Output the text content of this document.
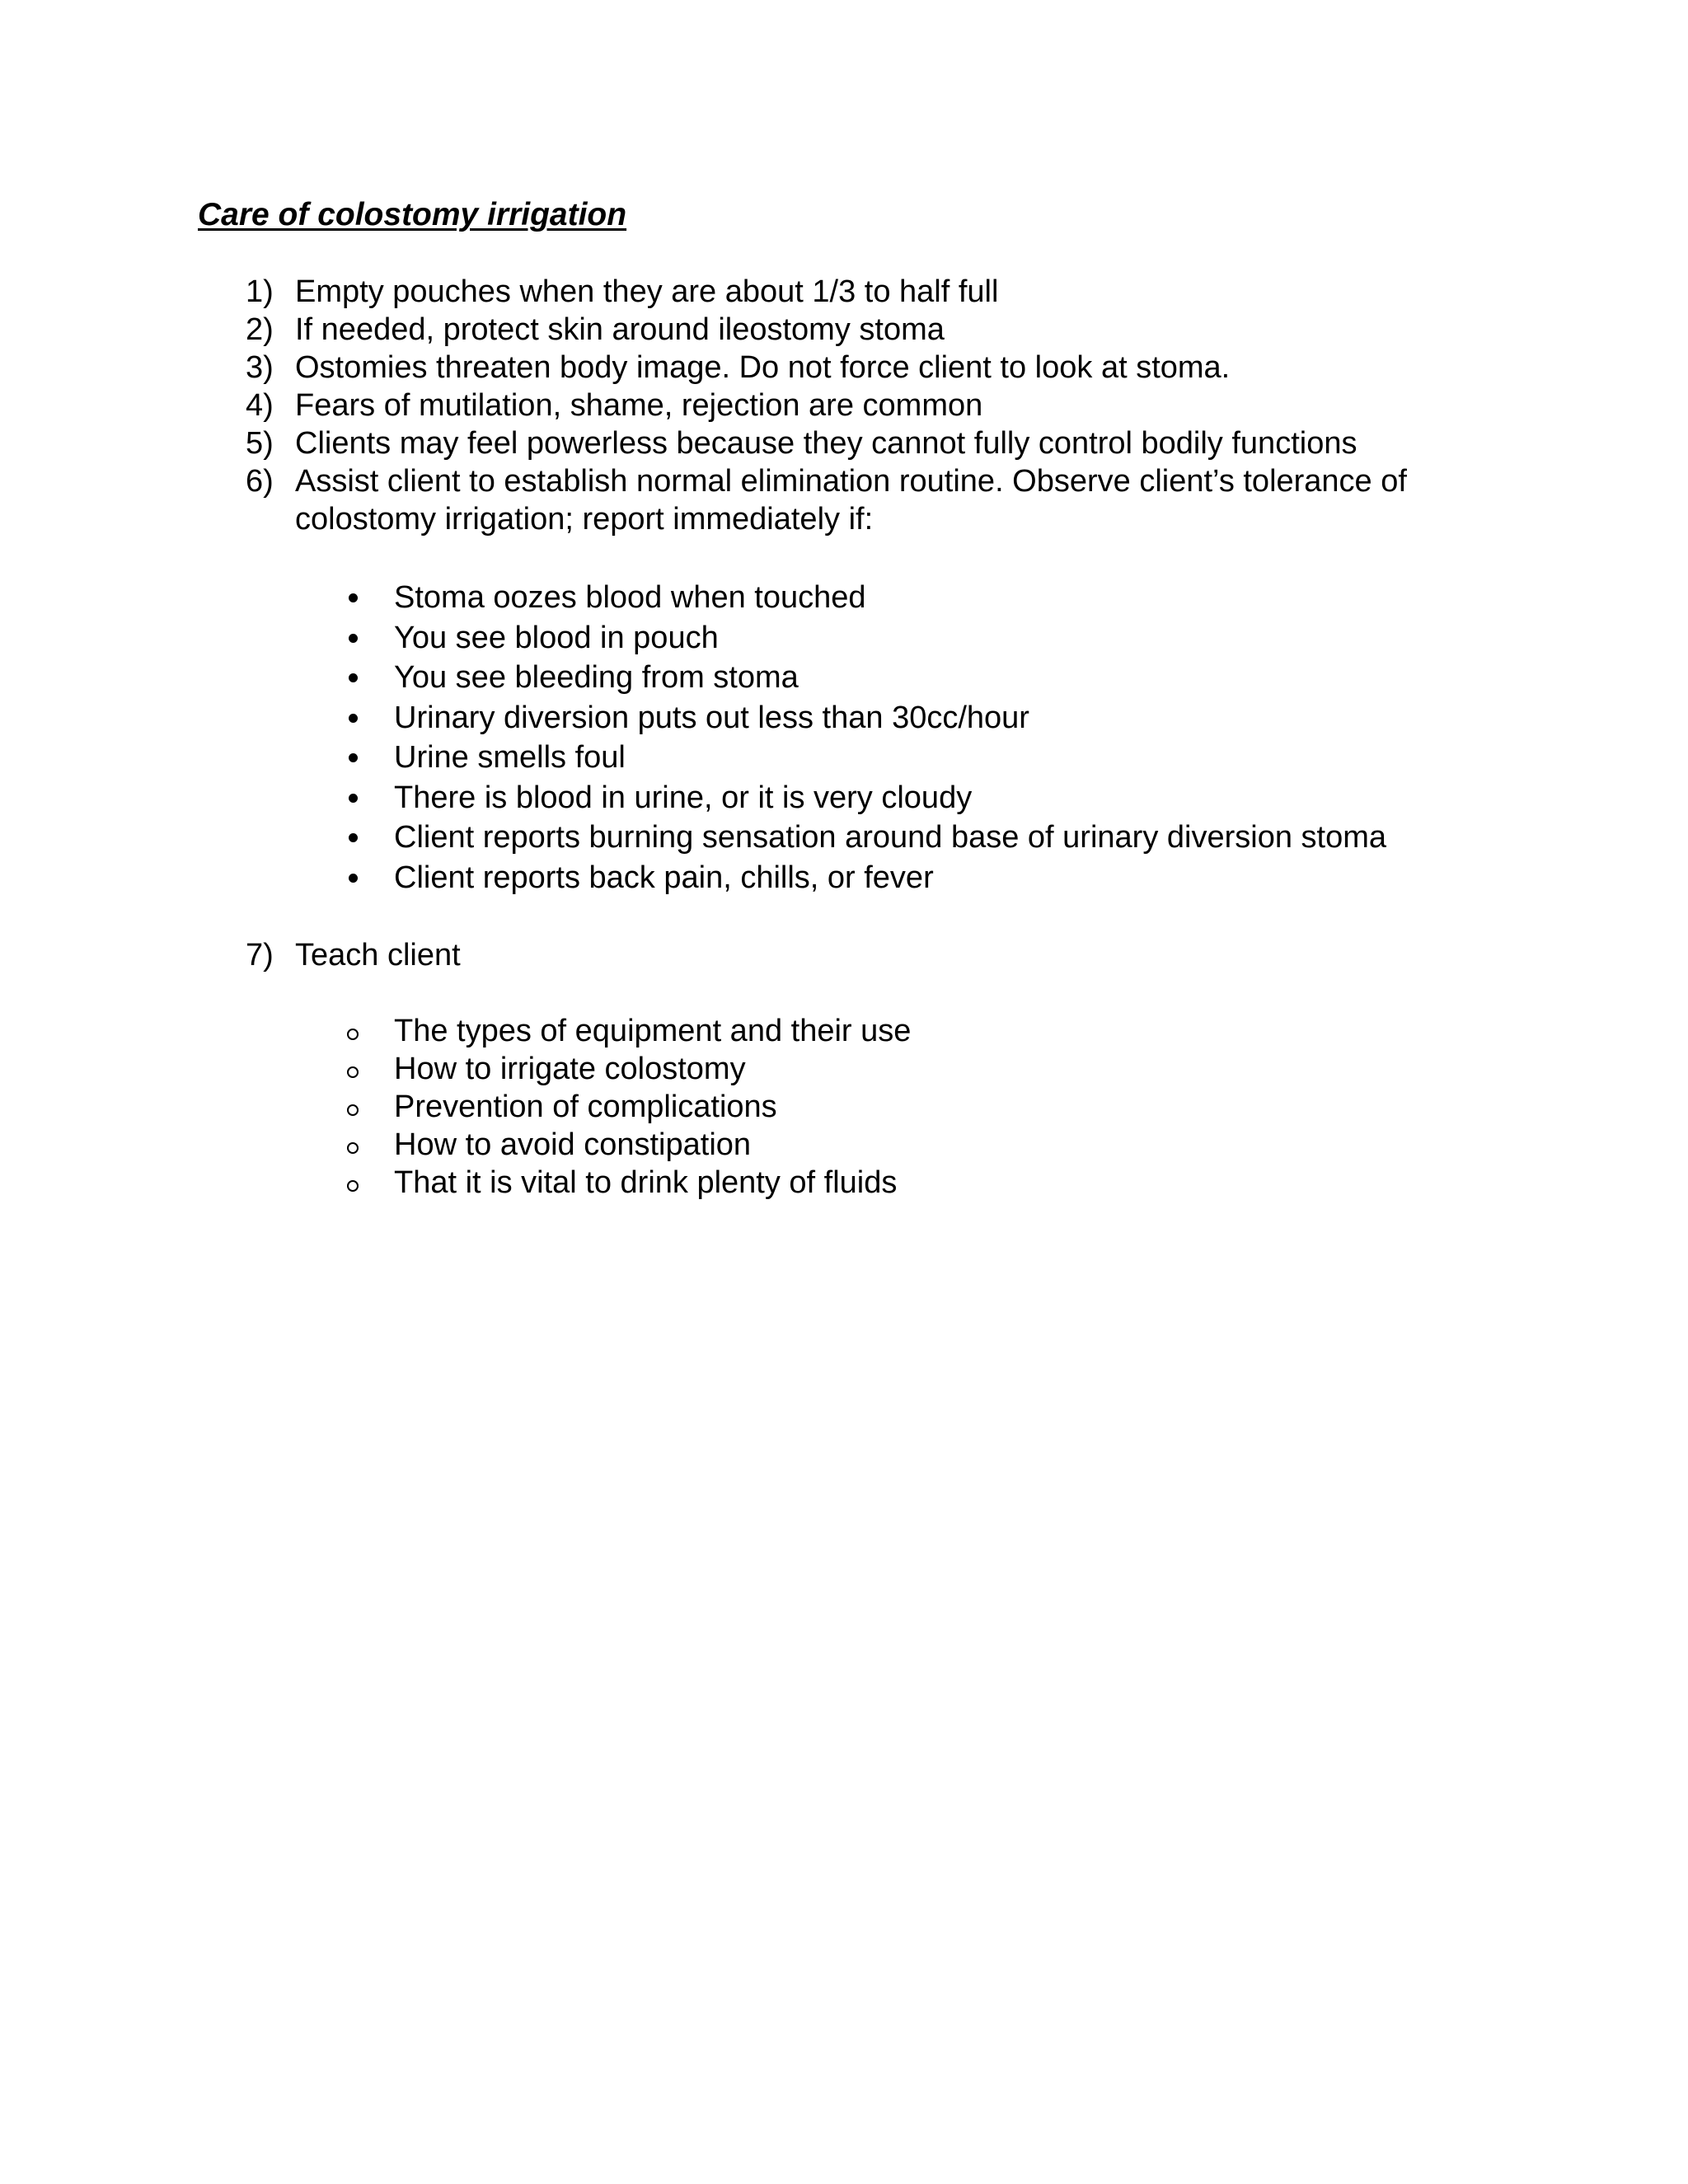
Care of colostomy irrigation
1) Empty pouches when they are about 1/3 to half full
2) If needed, protect skin around ileostomy stoma
3) Ostomies threaten body image. Do not force client to look at stoma.
4) Fears of mutilation, shame, rejection are common
5) Clients may feel powerless because they cannot fully control bodily functions
6) Assist client to establish normal elimination routine. Observe client’s tolerance of colostomy irrigation; report immediately if:
Stoma oozes blood when touched
You see blood in pouch
You see bleeding from stoma
Urinary diversion puts out less than 30cc/hour
Urine smells foul
There is blood in urine, or it is very cloudy
Client reports burning sensation around base of urinary diversion stoma
Client reports back pain, chills, or fever
7) Teach client
The types of equipment and their use
How to irrigate colostomy
Prevention of complications
How to avoid constipation
That it is vital to drink plenty of fluids
